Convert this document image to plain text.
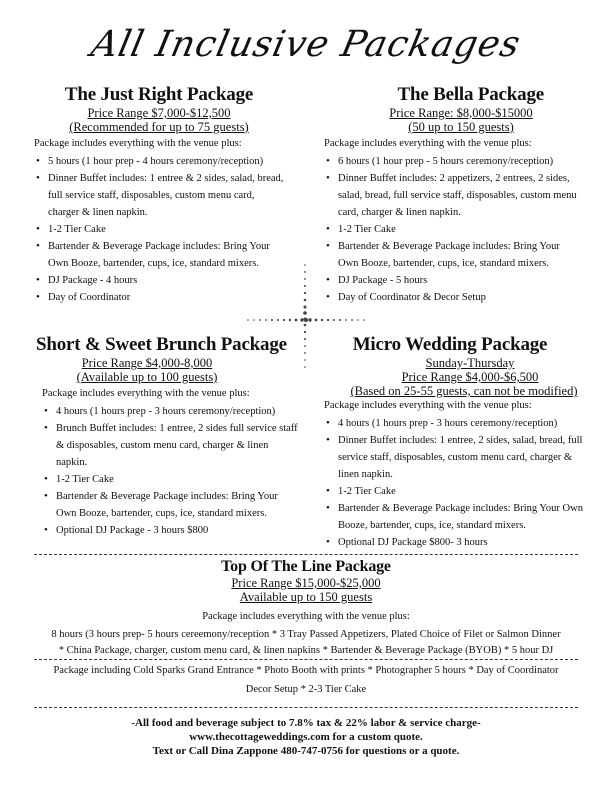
All Inclusive Packages
The Just Right Package
Price Range $7,000-$12,500
(Recommended for up to 75 guests)
Package includes everything with the venue plus:
• 5 hours (1 hour prep - 4 hours ceremony/reception)
• Dinner Buffet includes: 1 entree & 2 sides, salad, bread, full service staff, disposables, custom menu card, charger & linen napkin.
• 1-2 Tier Cake
• Bartender & Beverage Package includes: Bring Your Own Booze, bartender, cups, ice, standard mixers.
• DJ Package - 4 hours
• Day of Coordinator
The Bella Package
Price Range: $8,000-$15000
(50 up to 150 guests)
Package includes everything with the venue plus:
• 6 hours (1 hour prep - 5 hours ceremony/reception)
• Dinner Buffet includes: 2 appetizers, 2 entrees, 2 sides, salad, bread, full service staff, disposables, custom menu card, charger & linen napkin.
• 1-2 Tier Cake
• Bartender & Beverage Package includes: Bring Your Own Booze, bartender, cups, ice, standard mixers.
• DJ Package - 5 hours
• Day of Coordinator & Decor Setup
Short & Sweet Brunch Package
Price Range $4,000-8,000
(Available up to 100 guests)
Package includes everything with the venue plus:
• 4 hours (1 hours prep - 3 hours ceremony/reception)
• Brunch Buffet includes: 1 entree, 2 sides full service staff & disposables, custom menu card, charger & linen napkin.
• 1-2 Tier Cake
• Bartender & Beverage Package includes: Bring Your Own Booze, bartender, cups, ice, standard mixers.
• Optional DJ Package - 3 hours $800
Micro Wedding Package
Sunday-Thursday
Price Range $4,000-$6,500
(Based on 25-55 guests, can not be modified)
Package includes everything with the venue plus:
• 4 hours (1 hours prep - 3 hours ceremony/reception)
• Dinner Buffet includes: 1 entree, 2 sides, salad, bread, full service staff, disposables, custom menu card, charger & linen napkin.
• 1-2 Tier Cake
• Bartender & Beverage Package includes: Bring Your Own Booze, bartender, cups, ice, standard mixers.
• Optional DJ Package $800- 3 hours
Top Of The Line Package
Price Range $15,000-$25,000
Available up to 150 guests
Package includes everything with the venue plus:
8 hours (3 hours prep- 5 hours cereemony/reception * 3 Tray Passed Appetizers, Plated Choice of Filet or Salmon Dinner
* China Package, charger, custom menu card, & linen napkins * Bartender & Beverage Package (BYOB) * 5 hour DJ
Package including Cold Sparks Grand Entrance * Photo Booth with prints * Photographer 5 hours * Day of Coordinator
Decor Setup * 2-3 Tier Cake
-All food and beverage subject to 7.8% tax & 22% labor & service charge-
www.thecottageweddings.com for a custom quote.
Text or Call Dina Zappone 480-747-0756 for questions or a quote.
